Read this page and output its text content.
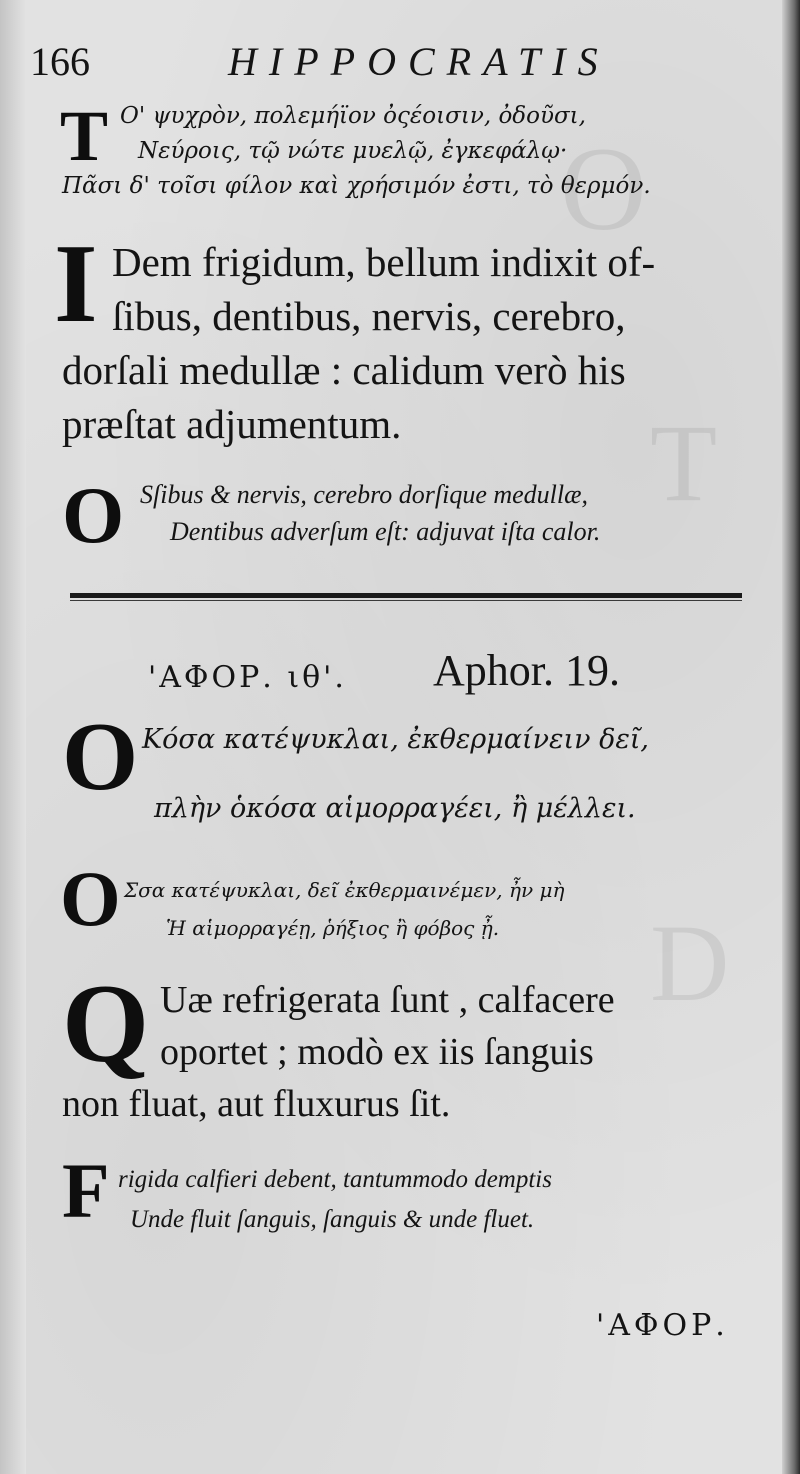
O
T
D
166	HIPPOCRATIS
T Ο' ψυχρὸν, πολεμήϊον ὀςέοισιν, ὀδοῦσι,
Νεύροις, τῷ νώτε μυελῷ, ἐγκεφάλῳ·
Πᾶσι δ' τοῖσι φίλον καὶ χρήσιμόν ἐστι, τὸ θερμόν.
I Dem frigidum, bellum indixit of-
ſibus, dentibus, nervis, cerebro,
dorſali medullæ : calidum verò his
præſtat adjumentum.
O Sſibus & nervis, cerebro dorſique medullæ,
Dentibus adverſum eſt: adjuvat iſta calor.
'ΑΦΟΡ. ιθ'. Aphor. 19.
O Κόσα κατέψυκλαι, ἐκθερμαίνειν δεῖ,
πλὴν ὁκόσα αἱμορραγέει, ἢ μέλλει.
O Σσα κατέψυκλαι, δεῖ ἐκθερμαινέμεν, ἦν μὴ
Ἡ αἱμορραγέῃ, ῥήξιος ἢ φόβος ᾖ.
Q Uæ refrigerata ſunt , calfacere
oportet ; modò ex iis ſanguis
non fluat, aut fluxurus ſit.
F rigida calfieri debent, tantummodo demptis
Unde fluit ſanguis, ſanguis & unde fluet.
'ΑΦΟΡ.
